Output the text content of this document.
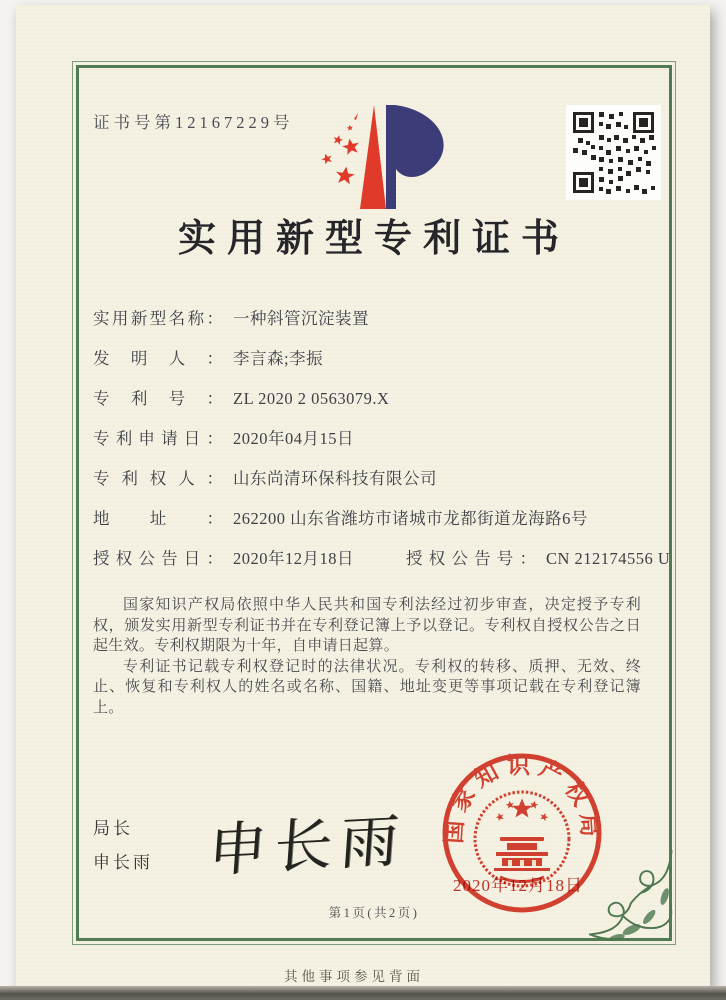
证书号第12167229号
实用新型专利证书
实用新型名称： 一种斜管沉淀装置
发明人： 李言森;李振
专利号： ZL 2020 2 0563079.X
专利申请日： 2020年04月15日
专利权人： 山东尚清环保科技有限公司
地址： 262200 山东省潍坊市诸城市龙都街道龙海路6号
授权公告日： 2020年12月18日	授权公告号： CN 212174556 U

国家知识产权局依照中华人民共和国专利法经过初步审查，决定授予专利权，颁发实用新型专利证书并在专利登记簿上予以登记。专利权自授权公告之日起生效。专利权期限为十年，自申请日起算。

专利证书记载专利权登记时的法律状况。专利权的转移、质押、无效、终止、恢复和专利权人的姓名或名称、国籍、地址变更等事项记载在专利登记簿上。

局长
申长雨 申长雨	国家知识产权局
2020年12月18日
第1页(共2页)
其他事项参见背面
